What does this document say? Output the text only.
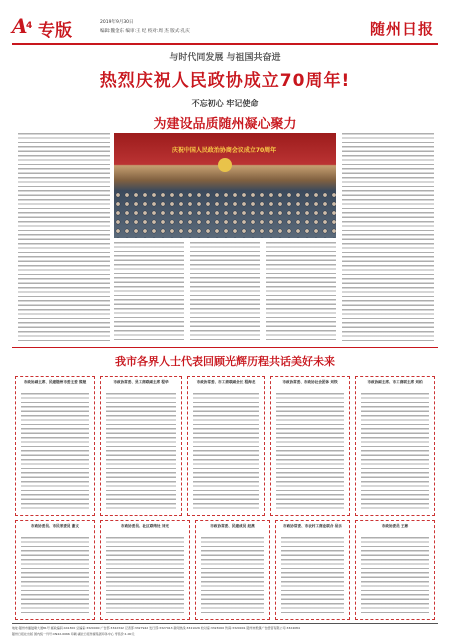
A
4 专版	2019年9月30日
编辑:魏金东 编审:王 纪 校对:周 杰 版式:孔庆	随州日报
与时代同发展 与祖国共奋进
热烈庆祝人民政协成立70周年!
不忘初心 牢记使命
为建设品质随州凝心聚力
庆祝中国人民政治协商会议成立70周年
我市各界人士代表回顾光辉历程共话美好未来
市政协副主席、民建随州市委主委 熊楚	市政协常委、县工商联副主席 程华	市政协常委、市工商联副会长 程海龙	市政协常委、市政协社会团体 刘铁	市政协副主席、市工商联主席 刘柏
市政协委员、市民革委员 谢文	市政协委员、社区联络处 刘光	市政协常委、民建成员 赵燕	市政协常委、市农村工商业联合 易乐	市政协委员 王彬
地址:随州市擂鼓墩大道81号 邮政编码:441300 总编室:3320000 广告部:3322342 记者部:3327942 发行部:3327913 新闻热线:3321026 校对室:3323000 传真:3320901 随州市纸媒广告经营有限公司:3324084
随州日报社出版 国内统一刊号:CN42-0066 印刷:湖北日报传媒集团印务中心 零售价:1.00元
